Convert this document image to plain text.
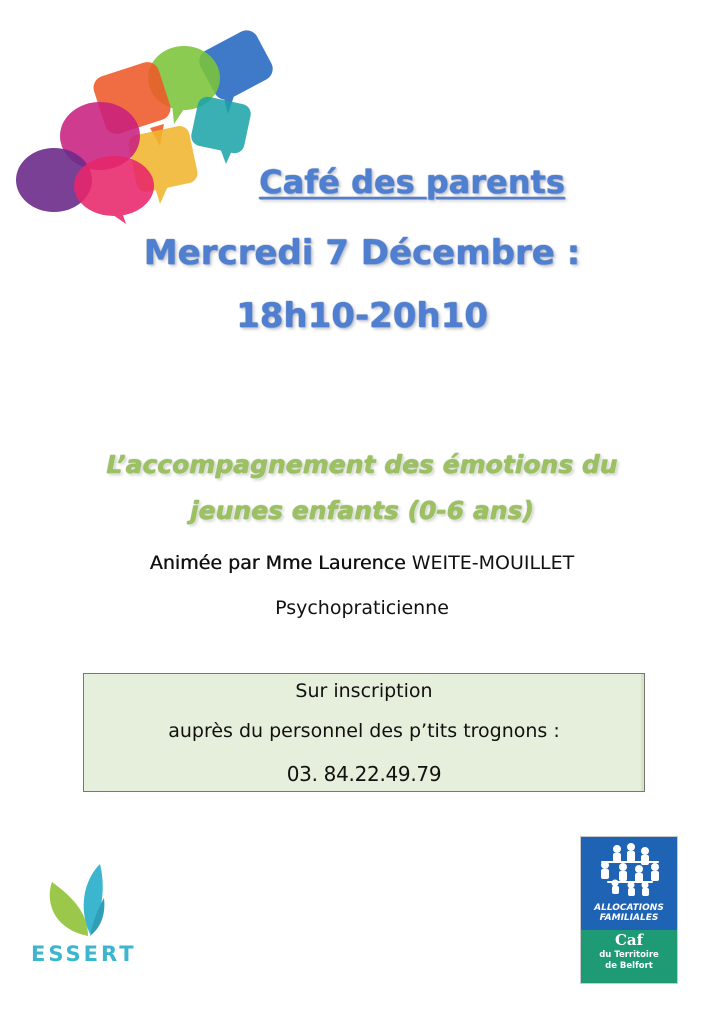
Café des parents
Mercredi 7 Décembre :
18h10-20h10
L’accompagnement des émotions du
jeunes enfants (0-6 ans)
Animée par Mme Laurence WEITE-MOUILLET
Psychopraticienne
Sur inscription
auprès du personnel des p’tits trognons :
03. 84.22.49.79
ESSERT
ALLOCATIONS
FAMILIALES
Caf
du Territoire
de Belfort
